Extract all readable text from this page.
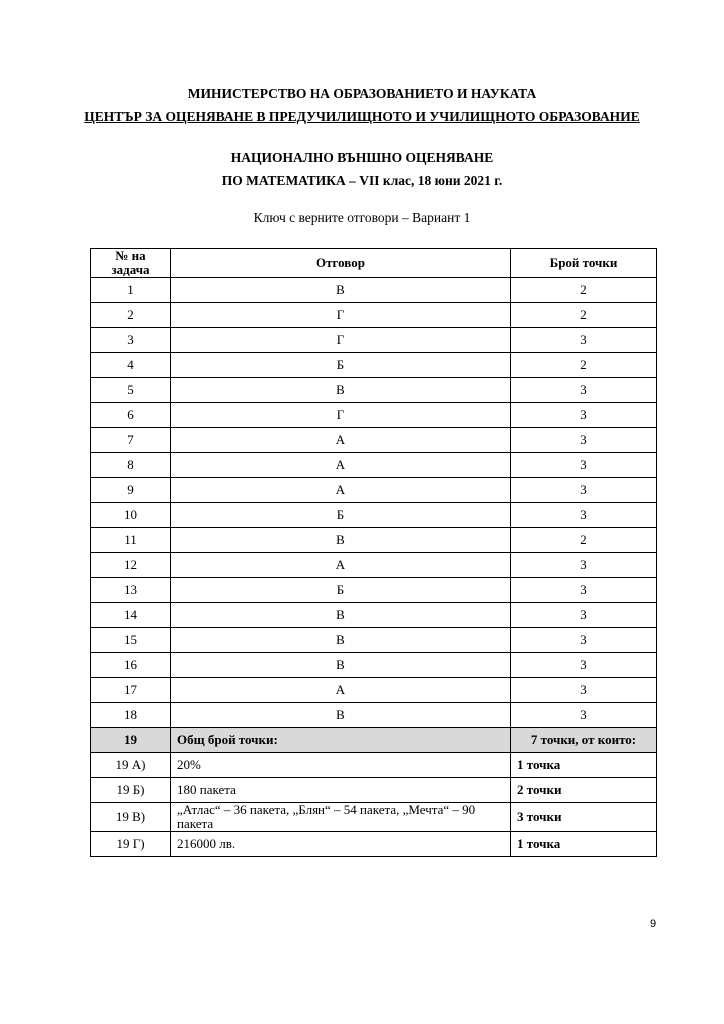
МИНИСТЕРСТВО НА ОБРАЗОВАНИЕТО И НАУКАТА
ЦЕНТЪР ЗА ОЦЕНЯВАНЕ В ПРЕДУЧИЛИЩНОТО И УЧИЛИЩНОТО ОБРАЗОВАНИЕ
НАЦИОНАЛНО ВЪНШНО ОЦЕНЯВАНЕ
ПО МАТЕМАТИКА – VII клас, 18 юни 2021 г.
Ключ с верните отговори – Вариант 1
№ на
задача	Отговор	Брой точки
1	В	2
2	Г	2
3	Г	3
4	Б	2
5	В	3
6	Г	3
7	А	3
8	А	3
9	А	3
10	Б	3
11	В	2
12	А	3
13	Б	3
14	В	3
15	В	3
16	В	3
17	А	3
18	В	3
19	Общ брой точки:	7 точки, от които:
19 А)	20%	1 точка
19 Б)	180 пакета	2 точки
19 В)	„Атлас“ – 36 пакета, „Блян“ – 54 пакета, „Мечта“ – 90 пакета	3 точки
19 Г)	216000 лв.	1 точка
9
